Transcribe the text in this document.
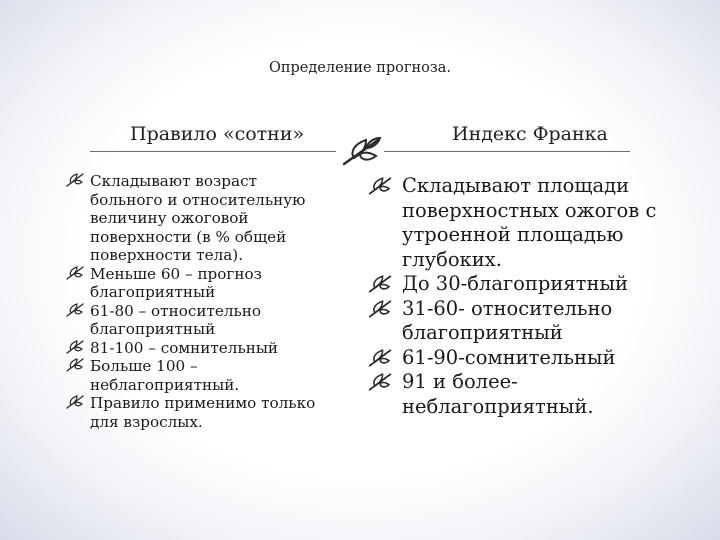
Определение прогноза.
Правило «сотни»	Индекс Франка
Складывают возраст больного и относительную величину ожоговой поверхности (в % общей поверхности тела).
Меньше 60 – прогноз благоприятный
61-80 – относительно благоприятный
81-100 – сомнительный
Больше 100 – неблагоприятный.
Правило применимо только для взрослых.
Складывают площади поверхностных ожогов с утроенной площадью глубоких.
До 30-благоприятный
31-60- относительно благоприятный
61-90-сомнительный
91 и более-неблагоприятный.
